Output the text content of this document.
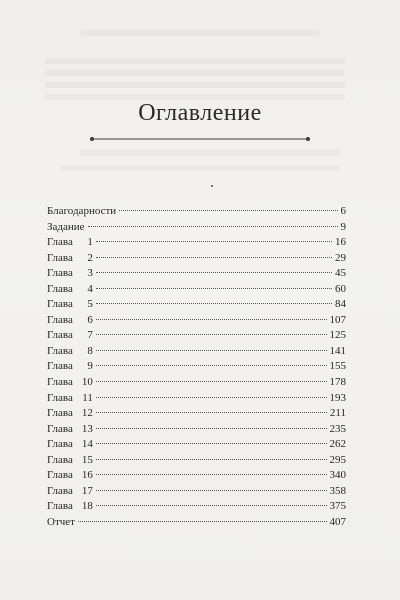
Оглавление
Благодарности	6
Задание	9
Глава 1	16
Глава 2	29
Глава 3	45
Глава 4	60
Глава 5	84
Глава 6	107
Глава 7	125
Глава 8	141
Глава 9	155
Глава 10	178
Глава 11	193
Глава 12	211
Глава 13	235
Глава 14	262
Глава 15	295
Глава 16	340
Глава 17	358
Глава 18	375
Отчет	407
